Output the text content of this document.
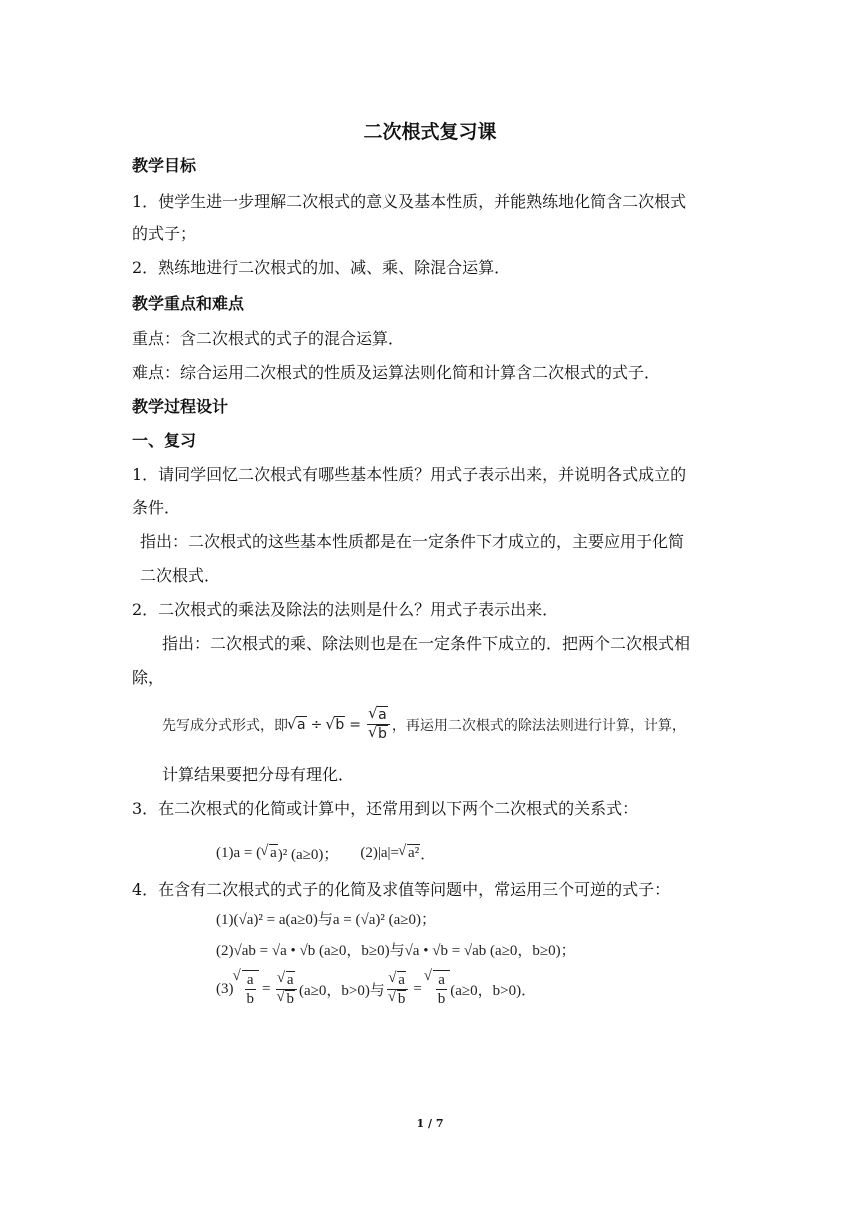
二次根式复习课
教学目标
1．使学生进一步理解二次根式的意义及基本性质，并能熟练地化简含二次根式
的式子；
2．熟练地进行二次根式的加、减、乘、除混合运算．
教学重点和难点
重点：含二次根式的式子的混合运算．
难点：综合运用二次根式的性质及运算法则化简和计算含二次根式的式子．
教学过程设计
一、复习
1．请同学回忆二次根式有哪些基本性质？用式子表示出来，并说明各式成立的
条件．
指出：二次根式的这些基本性质都是在一定条件下才成立的，主要应用于化简
二次根式．
2．二次根式的乘法及除法的法则是什么？用式子表示出来．
指出：二次根式的乘、除法则也是在一定条件下成立的．把两个二次根式相
除，
先写成分式形式，即 √ a ÷ √ b = √ a
√ b ，再运用二次根式的除法法则进行计算，计算，
计算结果要把分母有理化．
3．在二次根式的化简或计算中，还常用到以下两个二次根式的关系式：
(1)a = ( √ a )² (a≥0)； (2)|a|= √ a² ．
4．在含有二次根式的式子的化简及求值等问题中，常运用三个可逆的式子：
(1)(√a)² = a(a≥0)与a = (√a)² (a≥0)；
(2)√ab = √a • √b (a≥0，b≥0)与√a • √b = √ab (a≥0，b≥0)；
(3) √ $\frac{a}{b}$ = √ a
√ b (a≥0，b>0)与 √ a
√ b = √ $\frac{a}{b} (a\ge 0$，b>0)．
1 / 7
